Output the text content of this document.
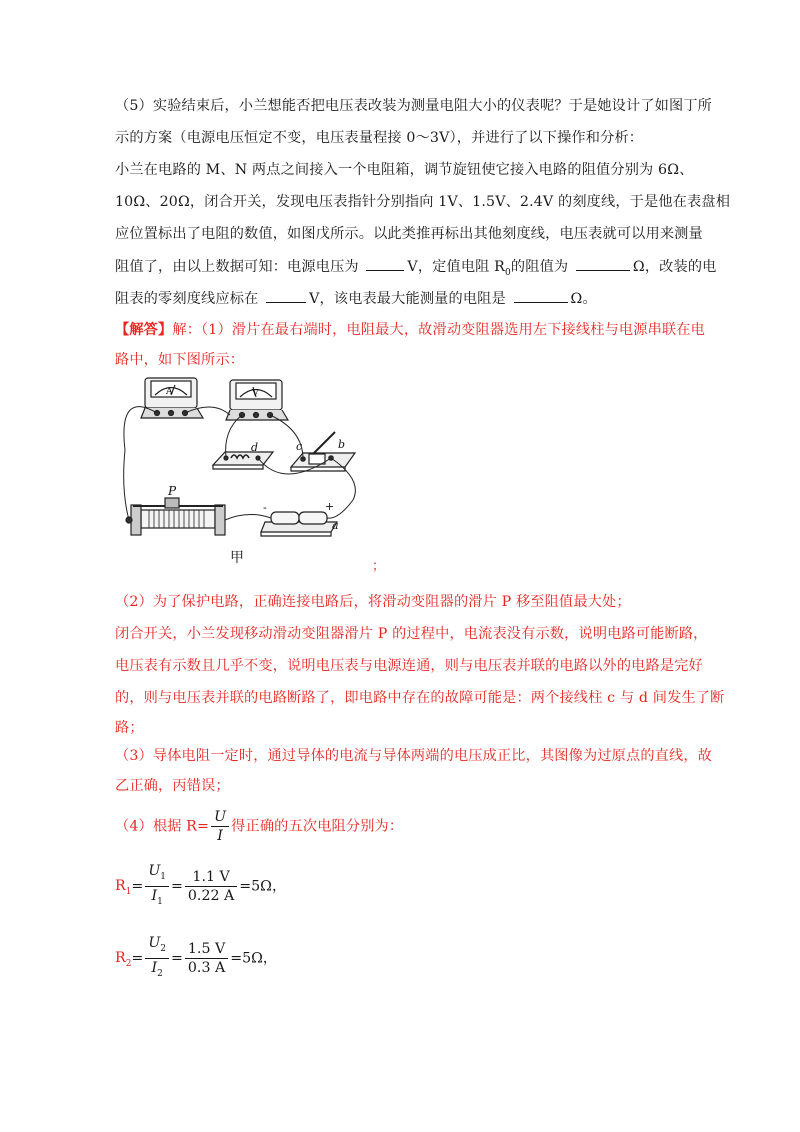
（5）实验结束后，小兰想能否把电压表改装为测量电阻大小的仪表呢？于是她设计了如图丁所
示的方案（电源电压恒定不变，电压表量程接 0～3V），并进行了以下操作和分析：
小兰在电路的 M、N 两点之间接入一个电阻箱，调节旋钮使它接入电路的阻值分别为 6Ω、
10Ω、20Ω，闭合开关，发现电压表指针分别指向 1V、1.5V、2.4V 的刻度线，于是他在表盘相
应位置标出了电阻的数值，如图戊所示。以此类推再标出其他刻度线，电压表就可以用来测量
阻值了，由以上数据可知：电源电压为	V，定值电阻 $R_0$的阻值为	Ω，改装的电
阻表的零刻度线应标在	V，该电表最大能测量的电阻是	Ω。
【解答】解：（1）滑片在最右端时，电阻最大，故滑动变阻器选用左下接线柱与电源串联在电
路中，如下图所示：
A	V
P
d	c	b
a
-	+
甲
；
（2）为了保护电路，正确连接电路后，将滑动变阻器的滑片 P 移至阻值最大处；
闭合开关，小兰发现移动滑动变阻器滑片 P 的过程中，电流表没有示数，说明电路可能断路，
电压表有示数且几乎不变，说明电压表与电源连通，则与电压表并联的电路以外的电路是完好
的，则与电压表并联的电路断路了，即电路中存在的故障可能是：两个接线柱 c 与 d 间发生了断
路；
（3）导体电阻一定时，通过导体的电流与导体两端的电压成正比，其图像为过原点的直线，故
乙正确，丙错误；
（4）根据 $R= \frac{U}{I}$ 得正确的五次电阻分别为：
$R_1= \frac{U_1}{I_1} = \frac{1.1 V}{0.22 A} =5\Omega$，
$R_2= \frac{U_2}{I_2} = \frac{1.5 V}{0.3 A} =5\Omega$，
